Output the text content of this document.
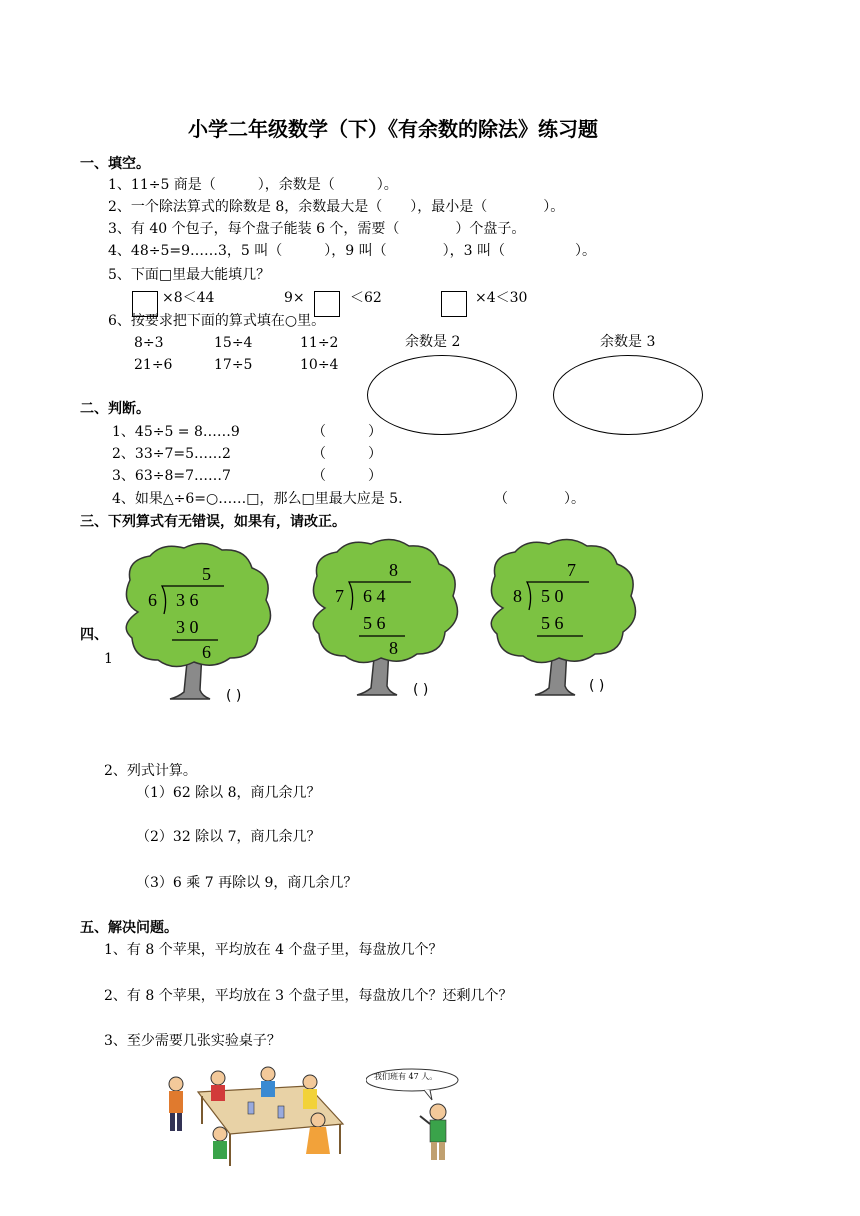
小学二年级数学（下）《有余数的除法》练习题
一、填空。
1、11÷5 商是（　　　），余数是（　　　）。
2、一个除法算式的除数是 8，余数最大是（　　），最小是（　　　　）。
3、有 40 个包子，每个盘子能装 6 个，需要（　　　　）个盘子。
4、48÷5=9……3，5 叫（　　　），9 叫（　　　　），3 叫（　　　　　）。
5、下面□里最大能填几？
×8＜44	9×	＜62	×4＜30
6、按要求把下面的算式填在○里。
8÷3	15÷4	11÷2
21÷6	17÷5	10÷4
余数是 2	余数是 3
二、判断。
1、45÷5 = 8……9	（　　　）
2、33÷7=5……2	（　　　）
3、63÷8=7……7	（　　　）
4、如果△÷6=○……□，那么□里最大应是 5.	（　　　　）。
三、下列算式有无错误，如果有，请改正。
5
6 3 6
3 0
6
( )
8
7 6 4
5 6
8
( )
7
8 5 0
5 6
( )
四、
1
2、列式计算。
（1）62 除以 8，商几余几？
（2）32 除以 7，商几余几？
（3）6 乘 7 再除以 9，商几余几？
五、解决问题。
1、有 8 个苹果，平均放在 4 个盘子里，每盘放几个？
2、有 8 个苹果，平均放在 3 个盘子里，每盘放几个？还剩几个？
3、至少需要几张实验桌子？
我们班有 47 人。
